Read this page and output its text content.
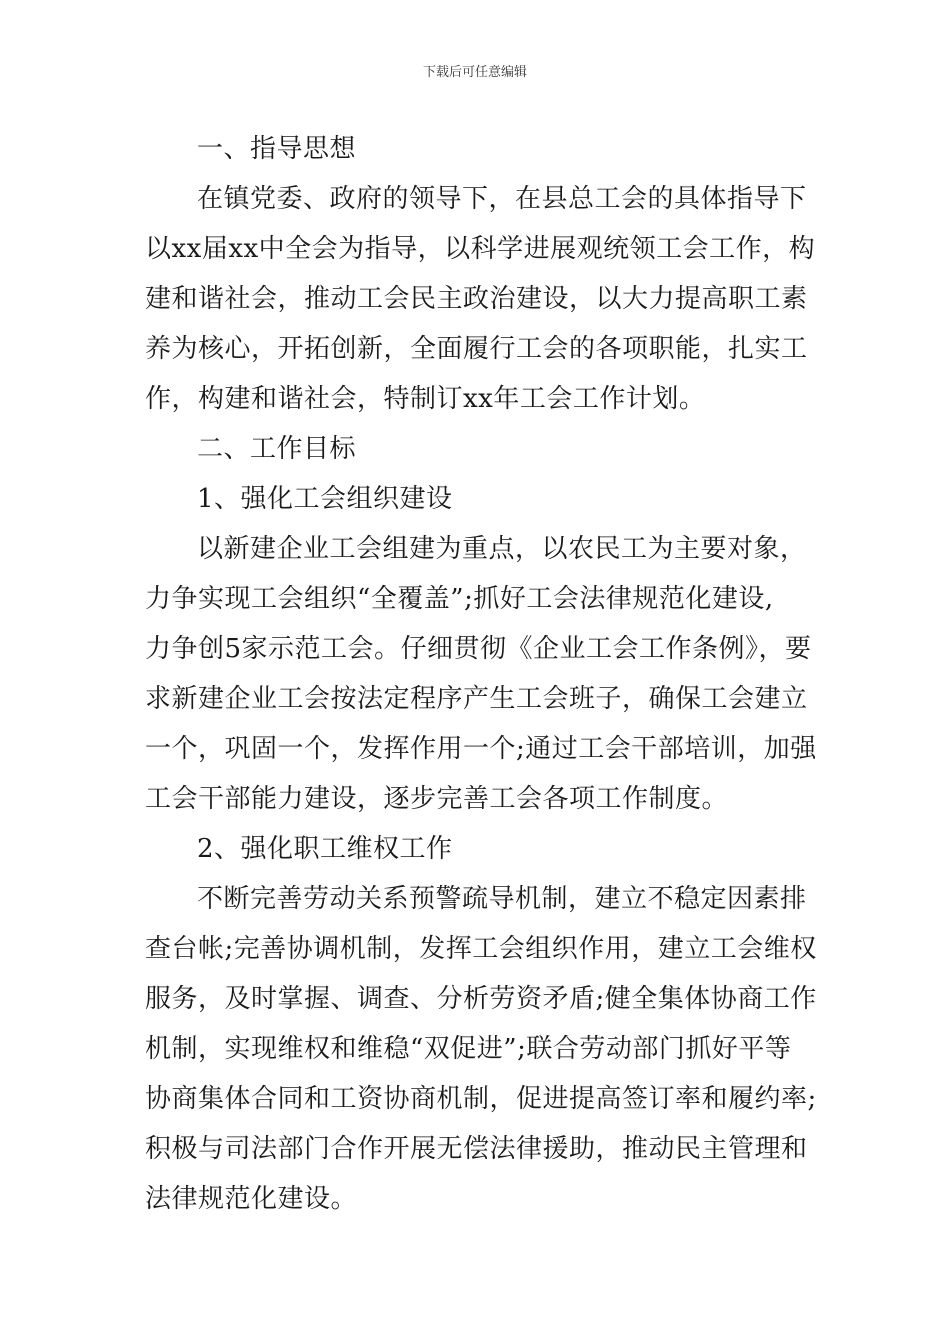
下载后可任意编辑
一、指导思想
在镇党委、政府的领导下，在县总工会的具体指导下
以xx届xx中全会为指导，以科学进展观统领工会工作，构
建和谐社会，推动工会民主政治建设，以大力提高职工素
养为核心，开拓创新，全面履行工会的各项职能，扎实工
作，构建和谐社会，特制订xx年工会工作计划。
二、工作目标
1、强化工会组织建设
以新建企业工会组建为重点，以农民工为主要对象，
力争实现工会组织“全覆盖”;抓好工会法律规范化建设,
力争创5家示范工会。仔细贯彻《企业工会工作条例》，要
求新建企业工会按法定程序产生工会班子，确保工会建立
一个，巩固一个，发挥作用一个;通过工会干部培训，加强
工会干部能力建设，逐步完善工会各项工作制度。
2、强化职工维权工作
不断完善劳动关系预警疏导机制，建立不稳定因素排
查台帐;完善协调机制，发挥工会组织作用，建立工会维权
服务，及时掌握、调查、分析劳资矛盾;健全集体协商工作
机制，实现维权和维稳“双促进”;联合劳动部门抓好平等
协商集体合同和工资协商机制，促进提高签订率和履约率;
积极与司法部门合作开展无偿法律援助，推动民主管理和
法律规范化建设。
